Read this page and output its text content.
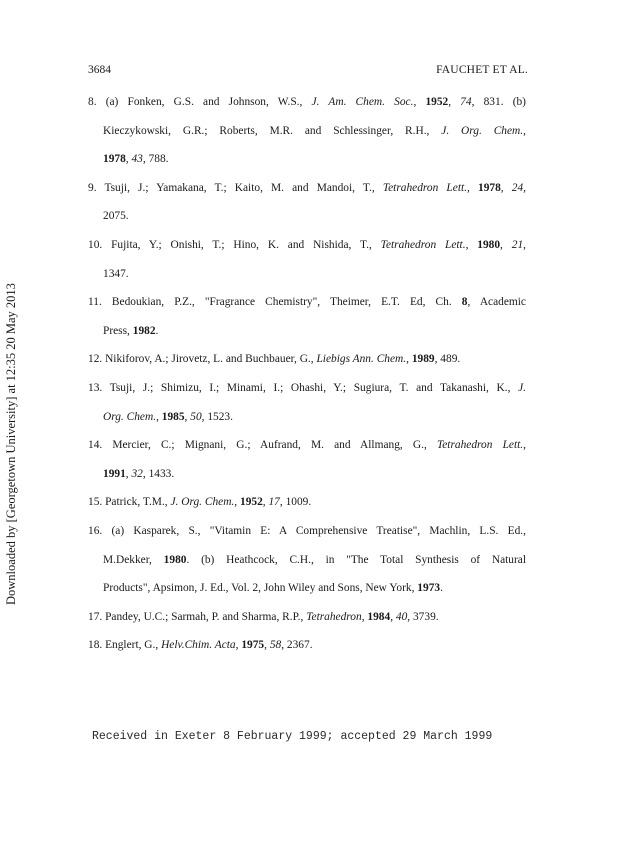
3684	FAUCHET ET AL.
Downloaded by [Georgetown University] at 12:35 20 May 2013
8. (a) Fonken, G.S. and Johnson, W.S., J. Am. Chem. Soc., 1952, 74, 831. (b)
Kieczykowski, G.R.; Roberts, M.R. and Schlessinger, R.H., J. Org. Chem.,
1978, 43, 788.
9. Tsuji, J.; Yamakana, T.; Kaito, M. and Mandoi, T., Tetrahedron Lett., 1978, 24,
2075.
10. Fujita, Y.; Onishi, T.; Hino, K. and Nishida, T., Tetrahedron Lett., 1980, 21,
1347.
11. Bedoukian, P.Z., "Fragrance Chemistry", Theimer, E.T. Ed, Ch. 8, Academic
Press, 1982.
12. Nikiforov, A.; Jirovetz, L. and Buchbauer, G., Liebigs Ann. Chem., 1989, 489.
13. Tsuji, J.; Shimizu, I.; Minami, I.; Ohashi, Y.; Sugiura, T. and Takanashi, K., J.
Org. Chem., 1985, 50, 1523.
14. Mercier, C.; Mignani, G.; Aufrand, M. and Allmang, G., Tetrahedron Lett.,
1991, 32, 1433.
15. Patrick, T.M., J. Org. Chem., 1952, 17, 1009.
16. (a) Kasparek, S., "Vitamin E: A Comprehensive Treatise", Machlin, L.S. Ed.,
M.Dekker, 1980. (b) Heathcock, C.H., in "The Total Synthesis of Natural
Products", Apsimon, J. Ed., Vol. 2, John Wiley and Sons, New York, 1973.
17. Pandey, U.C.; Sarmah, P. and Sharma, R.P., Tetrahedron, 1984, 40, 3739.
18. Englert, G., Helv.Chim. Acta, 1975, 58, 2367.
Received in Exeter 8 February 1999; accepted 29 March 1999
